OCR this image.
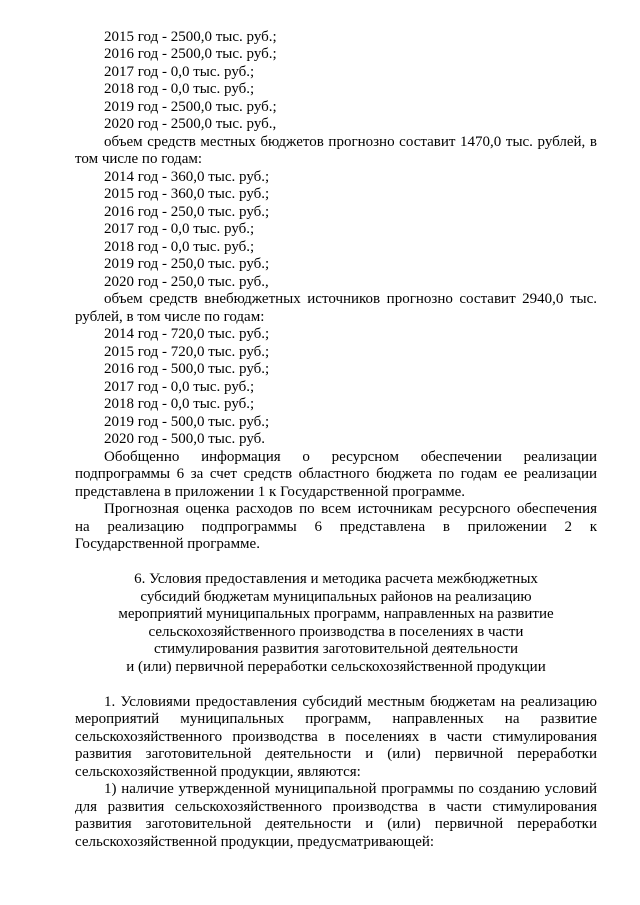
2015 год - 2500,0 тыс. руб.;
2016 год - 2500,0 тыс. руб.;
2017 год - 0,0 тыс. руб.;
2018 год - 0,0 тыс. руб.;
2019 год - 2500,0 тыс. руб.;
2020 год - 2500,0 тыс. руб.,
объем средств местных бюджетов прогнозно составит 1470,0 тыс. рублей, в
том числе по годам:
2014 год - 360,0 тыс. руб.;
2015 год - 360,0 тыс. руб.;
2016 год - 250,0 тыс. руб.;
2017 год - 0,0 тыс. руб.;
2018 год - 0,0 тыс. руб.;
2019 год - 250,0 тыс. руб.;
2020 год - 250,0 тыс. руб.,
объем средств внебюджетных источников прогнозно составит 2940,0 тыс.
рублей, в том числе по годам:
2014 год - 720,0 тыс. руб.;
2015 год - 720,0 тыс. руб.;
2016 год - 500,0 тыс. руб.;
2017 год - 0,0 тыс. руб.;
2018 год - 0,0 тыс. руб.;
2019 год - 500,0 тыс. руб.;
2020 год - 500,0 тыс. руб.
Обобщенно информация о ресурсном обеспечении реализации
подпрограммы 6 за счет средств областного бюджета по годам ее реализации
представлена в приложении 1 к Государственной программе.
Прогнозная оценка расходов по всем источникам ресурсного обеспечения
на реализацию подпрограммы 6 представлена в приложении 2 к
Государственной программе.
6. Условия предоставления и методика расчета межбюджетных
субсидий бюджетам муниципальных районов на реализацию
мероприятий муниципальных программ, направленных на развитие
сельскохозяйственного производства в поселениях в части
стимулирования развития заготовительной деятельности
и (или) первичной переработки сельскохозяйственной продукции
1. Условиями предоставления субсидий местным бюджетам на реализацию
мероприятий муниципальных программ, направленных на развитие
сельскохозяйственного производства в поселениях в части стимулирования
развития заготовительной деятельности и (или) первичной переработки
сельскохозяйственной продукции, являются:
1) наличие утвержденной муниципальной программы по созданию условий
для развития сельскохозяйственного производства в части стимулирования
развития заготовительной деятельности и (или) первичной переработки
сельскохозяйственной продукции, предусматривающей:
